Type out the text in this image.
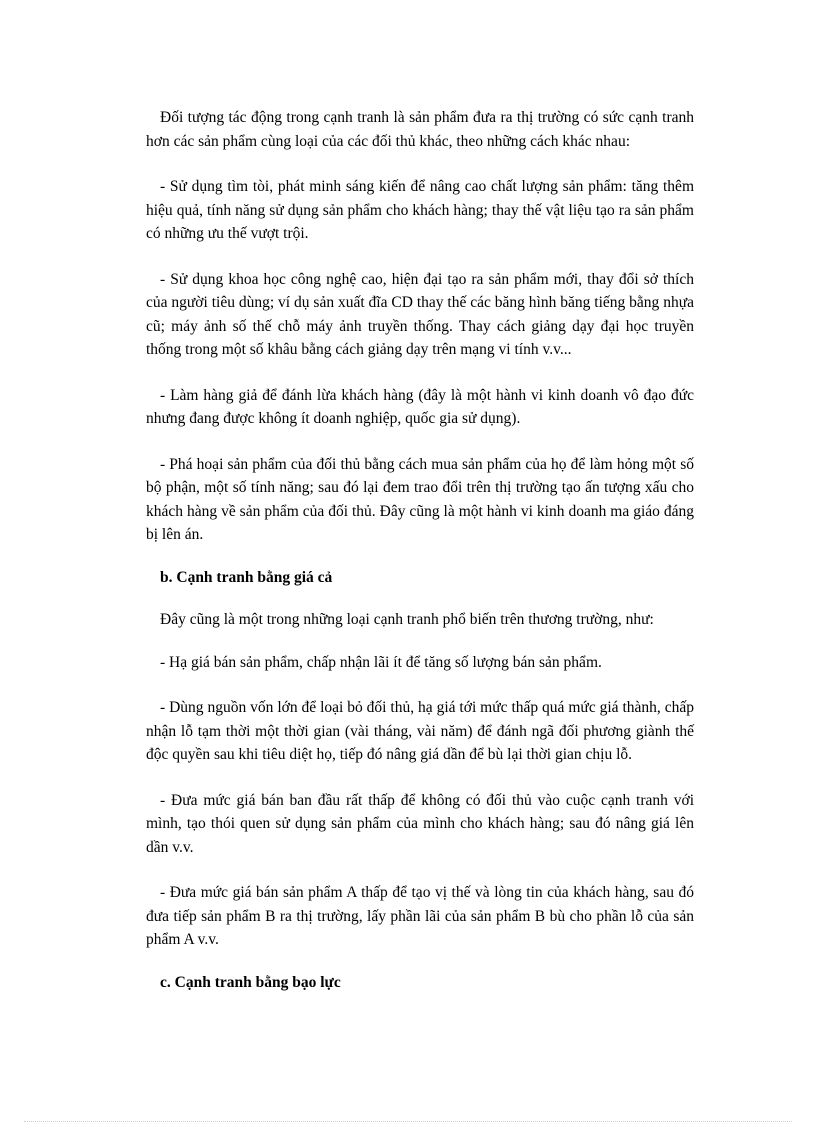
Đối tượng tác động trong cạnh tranh là sản phẩm đưa ra thị trường có sức cạnh tranh hơn các sản phẩm cùng loại của các đối thủ khác, theo những cách khác nhau:

- Sử dụng tìm tòi, phát minh sáng kiến để nâng cao chất lượng sản phẩm: tăng thêm hiệu quả, tính năng sử dụng sản phẩm cho khách hàng; thay thế vật liệu tạo ra sản phẩm có những ưu thế vượt trội.

- Sử dụng khoa học công nghệ cao, hiện đại tạo ra sản phẩm mới, thay đổi sở thích của người tiêu dùng; ví dụ sản xuất đĩa CD thay thế các băng hình băng tiếng bằng nhựa cũ; máy ảnh số thế chỗ máy ảnh truyền thống. Thay cách giảng dạy đại học truyền thống trong một số khâu bằng cách giảng dạy trên mạng vi tính v.v...

- Làm hàng giả để đánh lừa khách hàng (đây là một hành vi kinh doanh vô đạo đức nhưng đang được không ít doanh nghiệp, quốc gia sử dụng).

- Phá hoại sản phẩm của đối thủ bằng cách mua sản phẩm của họ để làm hỏng một số bộ phận, một số tính năng; sau đó lại đem trao đổi trên thị trường tạo ấn tượng xấu cho khách hàng về sản phẩm của đối thủ. Đây cũng là một hành vi kinh doanh ma giáo đáng bị lên án.

b. Cạnh tranh bằng giá cả

Đây cũng là một trong những loại cạnh tranh phổ biến trên thương trường, như:

- Hạ giá bán sản phẩm, chấp nhận lãi ít để tăng số lượng bán sản phẩm.

- Dùng nguồn vốn lớn để loại bỏ đối thủ, hạ giá tới mức thấp quá mức giá thành, chấp nhận lỗ tạm thời một thời gian (vài tháng, vài năm) để đánh ngã đối phương giành thế độc quyền sau khi tiêu diệt họ, tiếp đó nâng giá dần để bù lại thời gian chịu lỗ.

- Đưa mức giá bán ban đầu rất thấp để không có đối thủ vào cuộc cạnh tranh với mình, tạo thói quen sử dụng sản phẩm của mình cho khách hàng; sau đó nâng giá lên dần v.v.

- Đưa mức giá bán sản phẩm A thấp để tạo vị thế và lòng tin của khách hàng, sau đó đưa tiếp sản phẩm B ra thị trường, lấy phần lãi của sản phẩm B bù cho phần lỗ của sản phẩm A v.v.

c. Cạnh tranh bằng bạo lực
